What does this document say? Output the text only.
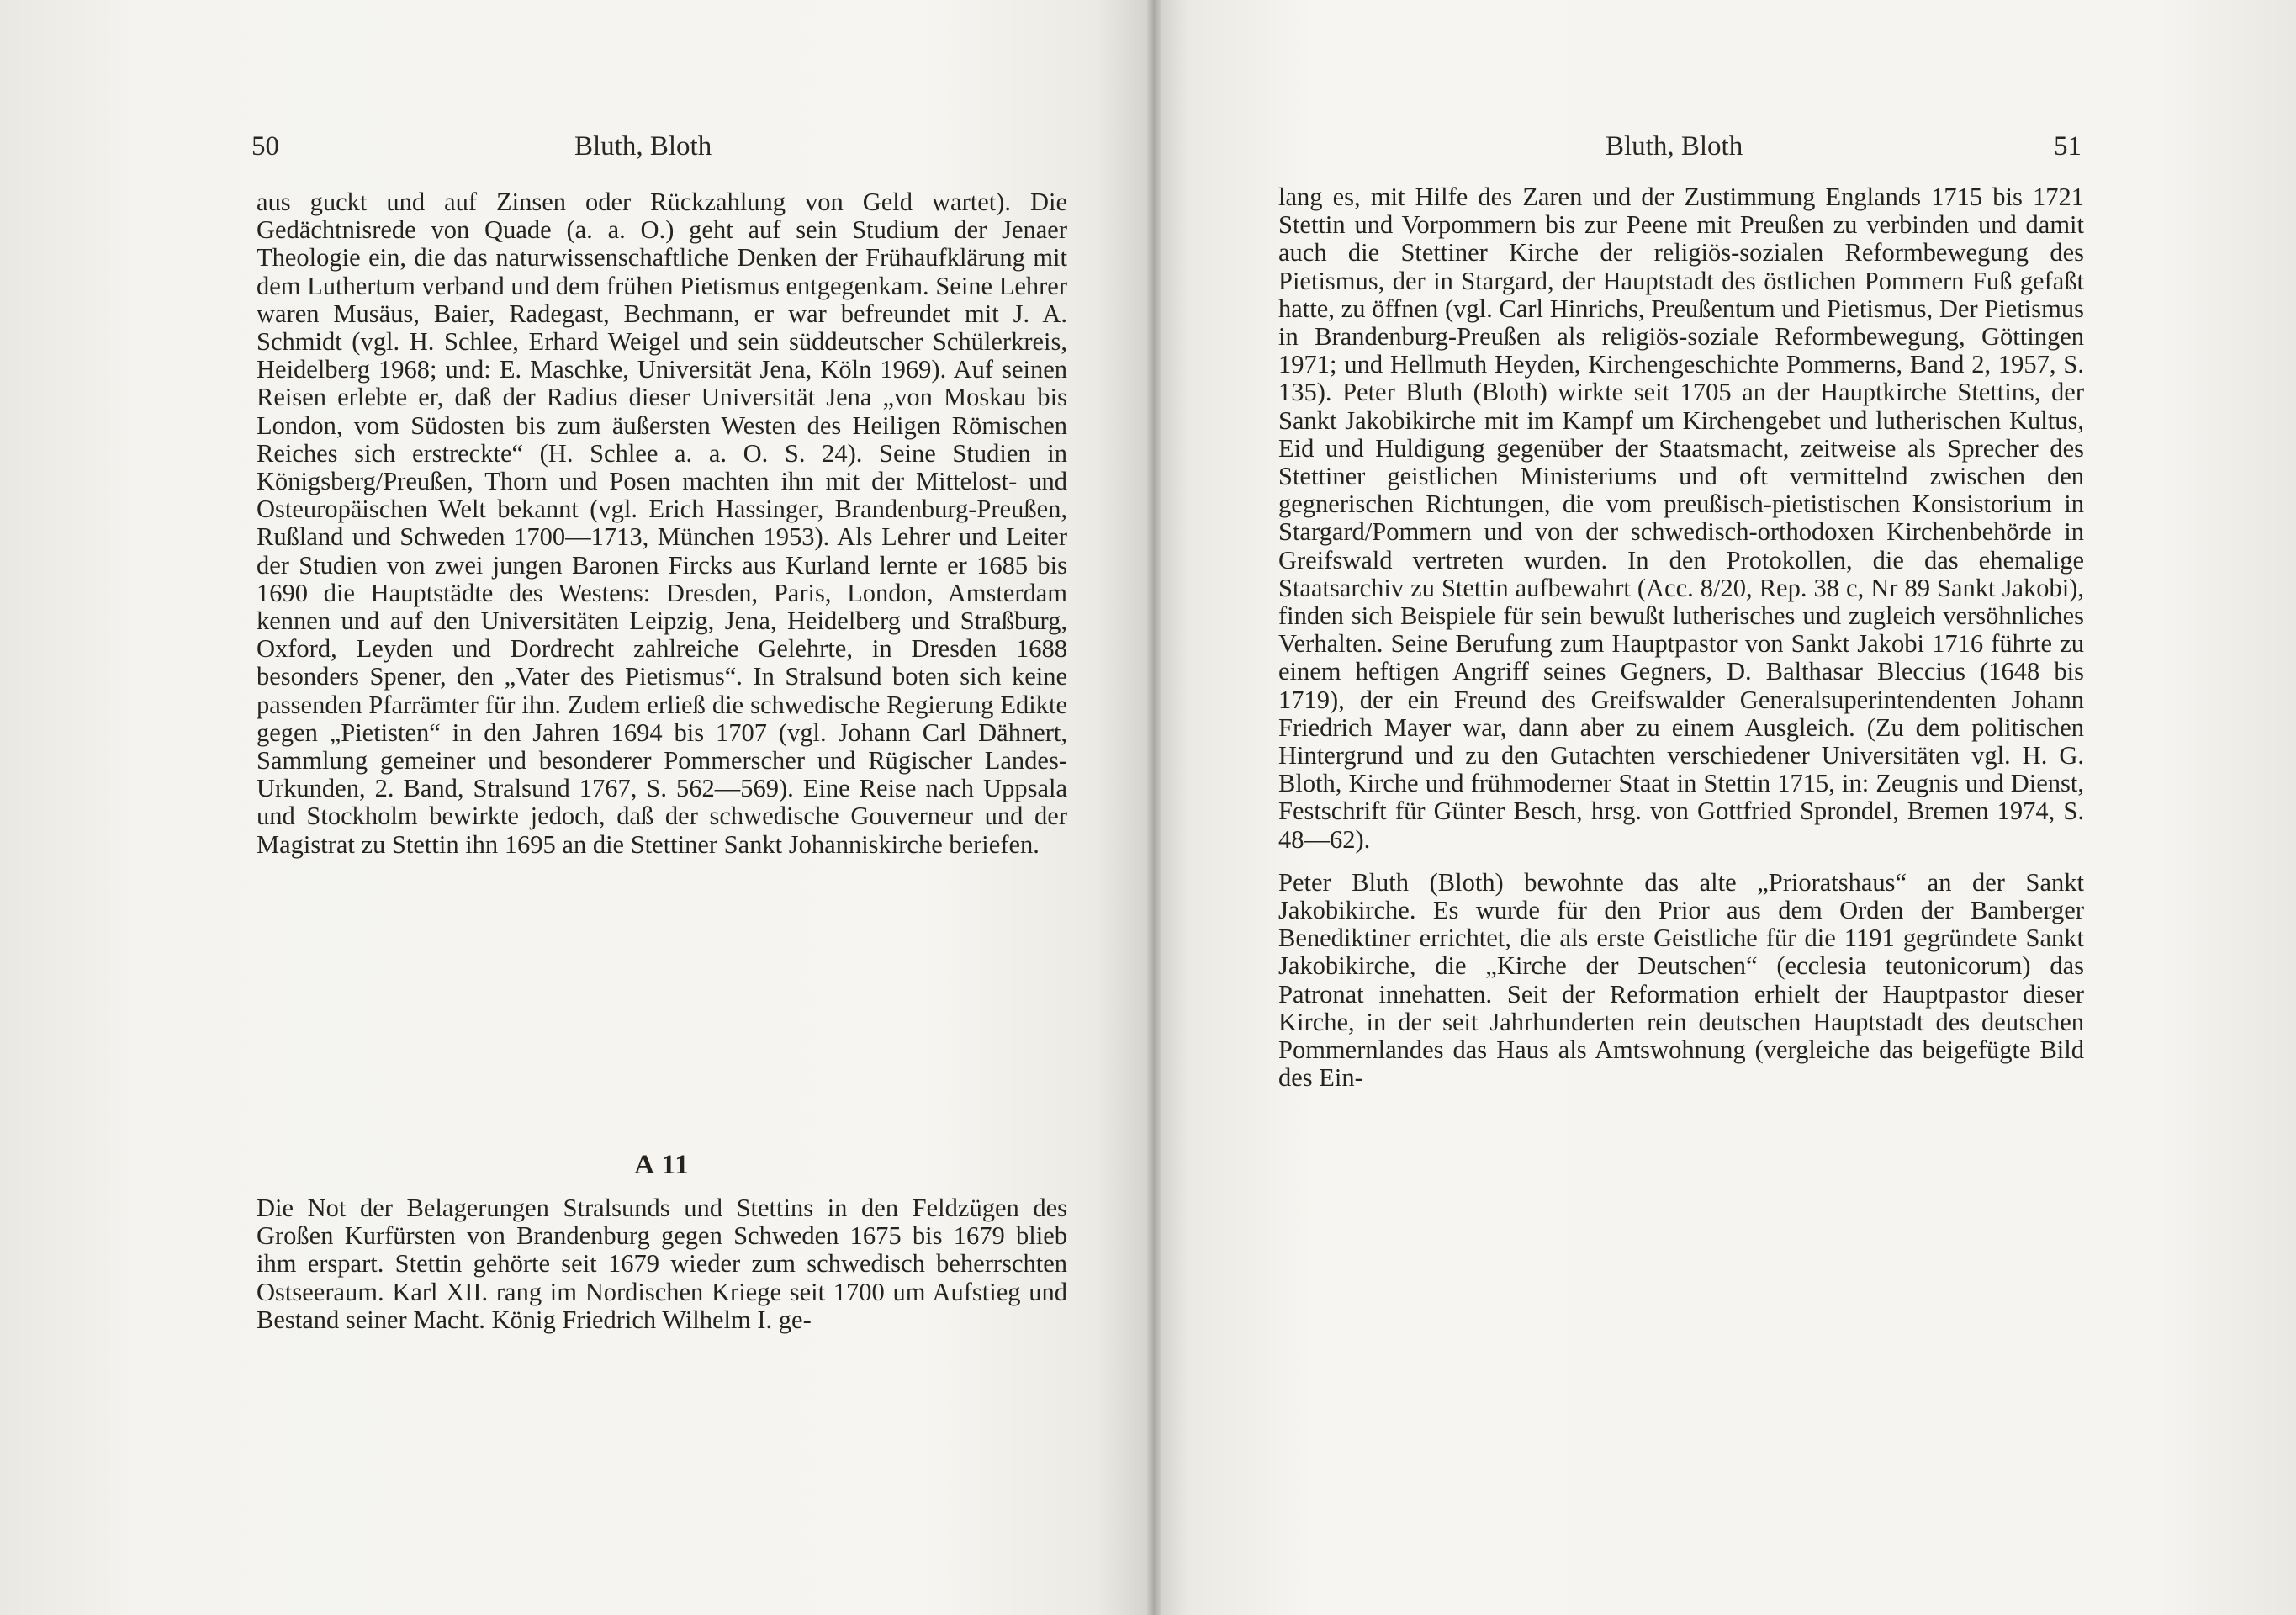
50	Bluth, Bloth

aus guckt und auf Zinsen oder Rückzahlung von Geld wartet). Die Gedächtnisrede von Quade (a. a. O.) geht auf sein Studium der Jenaer Theologie ein, die das naturwissenschaftliche Denken der Frühaufklärung mit dem Luthertum verband und dem frühen Pietismus entgegenkam. Seine Lehrer waren Musäus, Baier, Radegast, Bechmann, er war befreundet mit J. A. Schmidt (vgl. H. Schlee, Erhard Weigel und sein süddeutscher Schülerkreis, Heidelberg 1968; und: E. Maschke, Universität Jena, Köln 1969). Auf seinen Reisen erlebte er, daß der Radius dieser Universität Jena „von Moskau bis London, vom Südosten bis zum äußersten Westen des Heiligen Römischen Reiches sich erstreckte“ (H. Schlee a. a. O. S. 24). Seine Studien in Königsberg/Preußen, Thorn und Posen machten ihn mit der Mittelost- und Osteuropäischen Welt bekannt (vgl. Erich Hassinger, Brandenburg-Preußen, Rußland und Schweden 1700—1713, München 1953). Als Lehrer und Leiter der Studien von zwei jungen Baronen Fircks aus Kurland lernte er 1685 bis 1690 die Hauptstädte des Westens: Dresden, Paris, London, Amsterdam kennen und auf den Universitäten Leipzig, Jena, Heidelberg und Straßburg, Oxford, Leyden und Dordrecht zahlreiche Gelehrte, in Dresden 1688 besonders Spener, den „Vater des Pietismus“. In Stralsund boten sich keine passenden Pfarrämter für ihn. Zudem erließ die schwedische Regierung Edikte gegen „Pietisten“ in den Jahren 1694 bis 1707 (vgl. Johann Carl Dähnert, Sammlung gemeiner und besonderer Pommerscher und Rügischer Landes-Urkunden, 2. Band, Stralsund 1767, S. 562—569). Eine Reise nach Uppsala und Stockholm bewirkte jedoch, daß der schwedische Gouverneur und der Magistrat zu Stettin ihn 1695 an die Stettiner Sankt Johanniskirche beriefen.

A 11

Die Not der Belagerungen Stralsunds und Stettins in den Feldzügen des Großen Kurfürsten von Brandenburg gegen Schweden 1675 bis 1679 blieb ihm erspart. Stettin gehörte seit 1679 wieder zum schwedisch beherrschten Ostseeraum. Karl XII. rang im Nordischen Kriege seit 1700 um Aufstieg und Bestand seiner Macht. König Friedrich Wilhelm I. ge-

Bluth, Bloth	51

lang es, mit Hilfe des Zaren und der Zustimmung Englands 1715 bis 1721 Stettin und Vorpommern bis zur Peene mit Preußen zu verbinden und damit auch die Stettiner Kirche der religiös-sozialen Reformbewegung des Pietismus, der in Stargard, der Hauptstadt des östlichen Pommern Fuß gefaßt hatte, zu öffnen (vgl. Carl Hinrichs, Preußentum und Pietismus, Der Pietismus in Brandenburg-Preußen als religiös-soziale Reformbewegung, Göttingen 1971; und Hellmuth Heyden, Kirchengeschichte Pommerns, Band 2, 1957, S. 135). Peter Bluth (Bloth) wirkte seit 1705 an der Hauptkirche Stettins, der Sankt Jakobikirche mit im Kampf um Kirchengebet und lutherischen Kultus, Eid und Huldigung gegenüber der Staatsmacht, zeitweise als Sprecher des Stettiner geistlichen Ministeriums und oft vermittelnd zwischen den gegnerischen Richtungen, die vom preußisch-pietistischen Konsistorium in Stargard/Pommern und von der schwedisch-orthodoxen Kirchenbehörde in Greifswald vertreten wurden. In den Protokollen, die das ehemalige Staatsarchiv zu Stettin aufbewahrt (Acc. 8/20, Rep. 38 c, Nr 89 Sankt Jakobi), finden sich Beispiele für sein bewußt lutherisches und zugleich versöhnliches Verhalten. Seine Berufung zum Hauptpastor von Sankt Jakobi 1716 führte zu einem heftigen Angriff seines Gegners, D. Balthasar Bleccius (1648 bis 1719), der ein Freund des Greifswalder Generalsuperintendenten Johann Friedrich Mayer war, dann aber zu einem Ausgleich. (Zu dem politischen Hintergrund und zu den Gutachten verschiedener Universitäten vgl. H. G. Bloth, Kirche und frühmoderner Staat in Stettin 1715, in: Zeugnis und Dienst, Festschrift für Günter Besch, hrsg. von Gottfried Sprondel, Bremen 1974, S. 48—62).

Peter Bluth (Bloth) bewohnte das alte „Prioratshaus“ an der Sankt Jakobikirche. Es wurde für den Prior aus dem Orden der Bamberger Benediktiner errichtet, die als erste Geistliche für die 1191 gegründete Sankt Jakobikirche, die „Kirche der Deutschen“ (ecclesia teutonicorum) das Patronat innehatten. Seit der Reformation erhielt der Hauptpastor dieser Kirche, in der seit Jahrhunderten rein deutschen Hauptstadt des deutschen Pommernlandes das Haus als Amtswohnung (vergleiche das beigefügte Bild des Ein-
